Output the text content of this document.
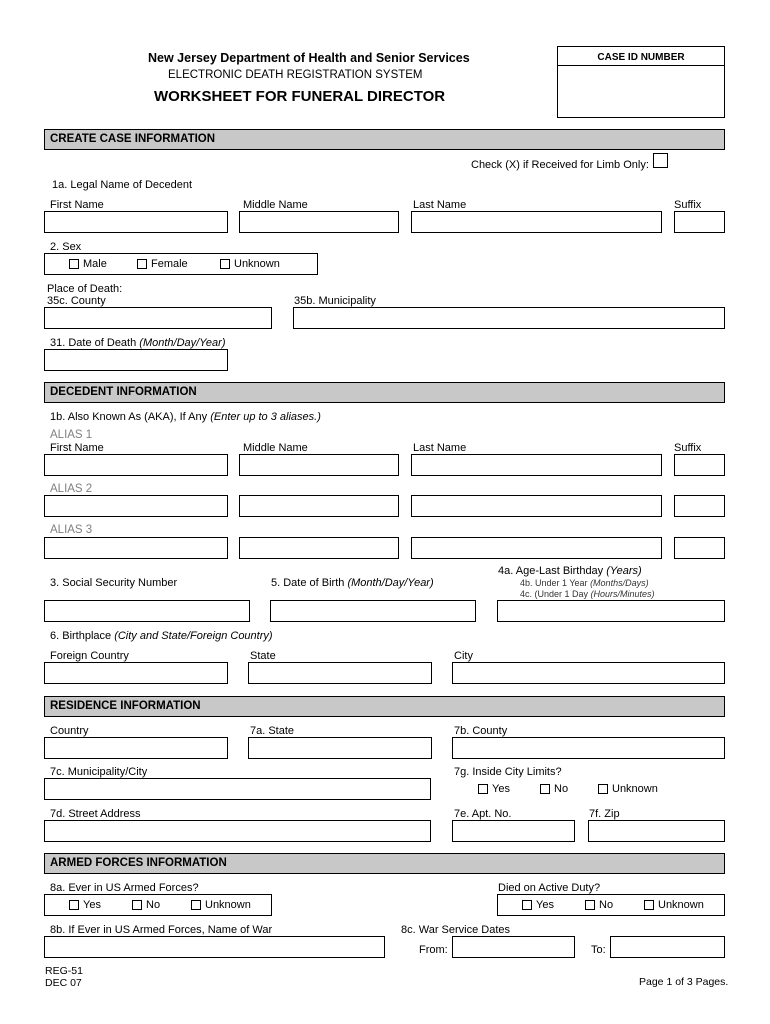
New Jersey Department of Health and Senior Services
ELECTRONIC DEATH REGISTRATION SYSTEM
WORKSHEET FOR FUNERAL DIRECTOR
CASE ID NUMBER
CREATE CASE INFORMATION
Check (X) if Received for Limb Only:
1a. Legal Name of Decedent
First Name	Middle Name	Last Name	Suffix
2. Sex
Male	Female	Unknown
Place of Death:
35c. County	35b. Municipality
31. Date of Death (Month/Day/Year)
DECEDENT INFORMATION
1b. Also Known As (AKA), If Any (Enter up to 3 aliases.)
ALIAS 1
First Name	Middle Name	Last Name	Suffix
ALIAS 2
ALIAS 3
4a. Age-Last Birthday (Years)
4b. Under 1 Year (Months/Days)
4c. (Under 1 Day (Hours/Minutes)
3. Social Security Number	5. Date of Birth (Month/Day/Year)
6. Birthplace (City and State/Foreign Country)
Foreign Country	State	City
RESIDENCE INFORMATION
Country	7a. State	7b. County
7c. Municipality/City	7g. Inside City Limits?
Yes	No	Unknown
7d. Street Address	7e. Apt. No.	7f. Zip
ARMED FORCES INFORMATION
8a. Ever in US Armed Forces?	Died on Active Duty?
Yes	No	Unknown	Yes	No	Unknown
8b. If Ever in US Armed Forces, Name of War	8c. War Service Dates
From:	To:
REG-51
DEC 07	Page 1 of 3 Pages.
